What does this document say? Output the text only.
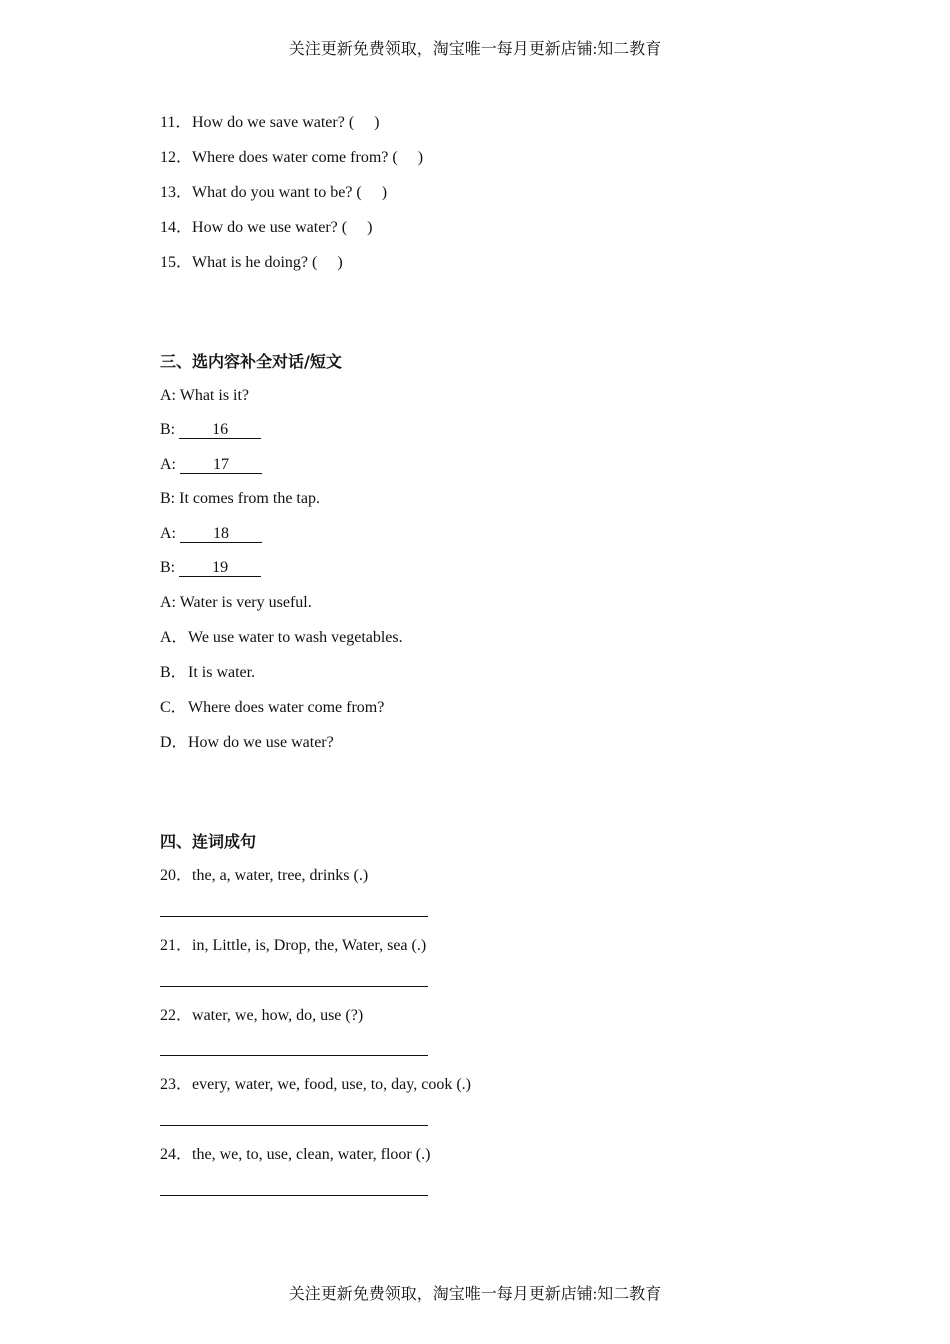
关注更新免费领取，淘宝唯一每月更新店铺:知二教育
11．How do we save water? (     )
12．Where does water come from? (     )
13．What do you want to be? (     )
14．How do we use water? (     )
15．What is he doing? (     )
三、选内容补全对话/短文
A: What is it?
B: 16
A: 17
B: It comes from the tap.
A: 18
B: 19
A: Water is very useful.
A．We use water to wash vegetables.
B．It is water.
C．Where does water come from?
D．How do we use water?
四、连词成句
20．the, a, water, tree, drinks (.)
21．in, Little, is, Drop, the, Water, sea (.)
22．water, we, how, do, use (?)
23．every, water, we, food, use, to, day, cook (.)
24．the, we, to, use, clean, water, floor (.)
关注更新免费领取，淘宝唯一每月更新店铺:知二教育
